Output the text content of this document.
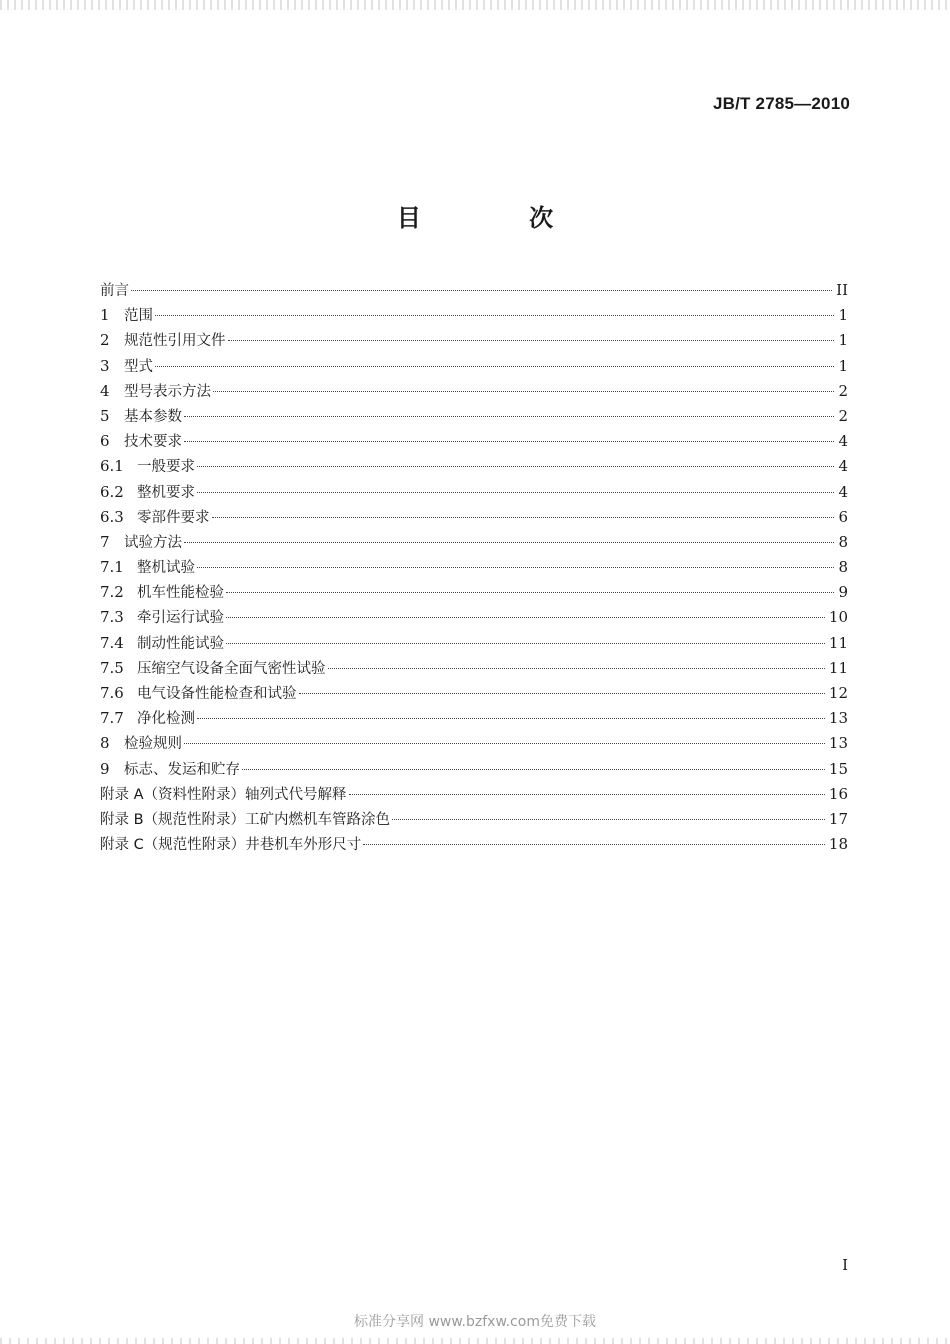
JB/T 2785—2010
目 次
前言	II
1 范围	1
2 规范性引用文件	1
3 型式	1
4 型号表示方法	2
5 基本参数	2
6 技术要求	4
6.1 一般要求	4
6.2 整机要求	4
6.3 零部件要求	6
7 试验方法	8
7.1 整机试验	8
7.2 机车性能检验	9
7.3 牵引运行试验	10
7.4 制动性能试验	11
7.5 压缩空气设备全面气密性试验	11
7.6 电气设备性能检查和试验	12
7.7 净化检测	13
8 检验规则	13
9 标志、发运和贮存	15
附录 A（资料性附录）轴列式代号解释	16
附录 B（规范性附录）工矿内燃机车管路涂色	17
附录 C（规范性附录）井巷机车外形尺寸	18
I
标准分享网 www.bzfxw.com免费下载
